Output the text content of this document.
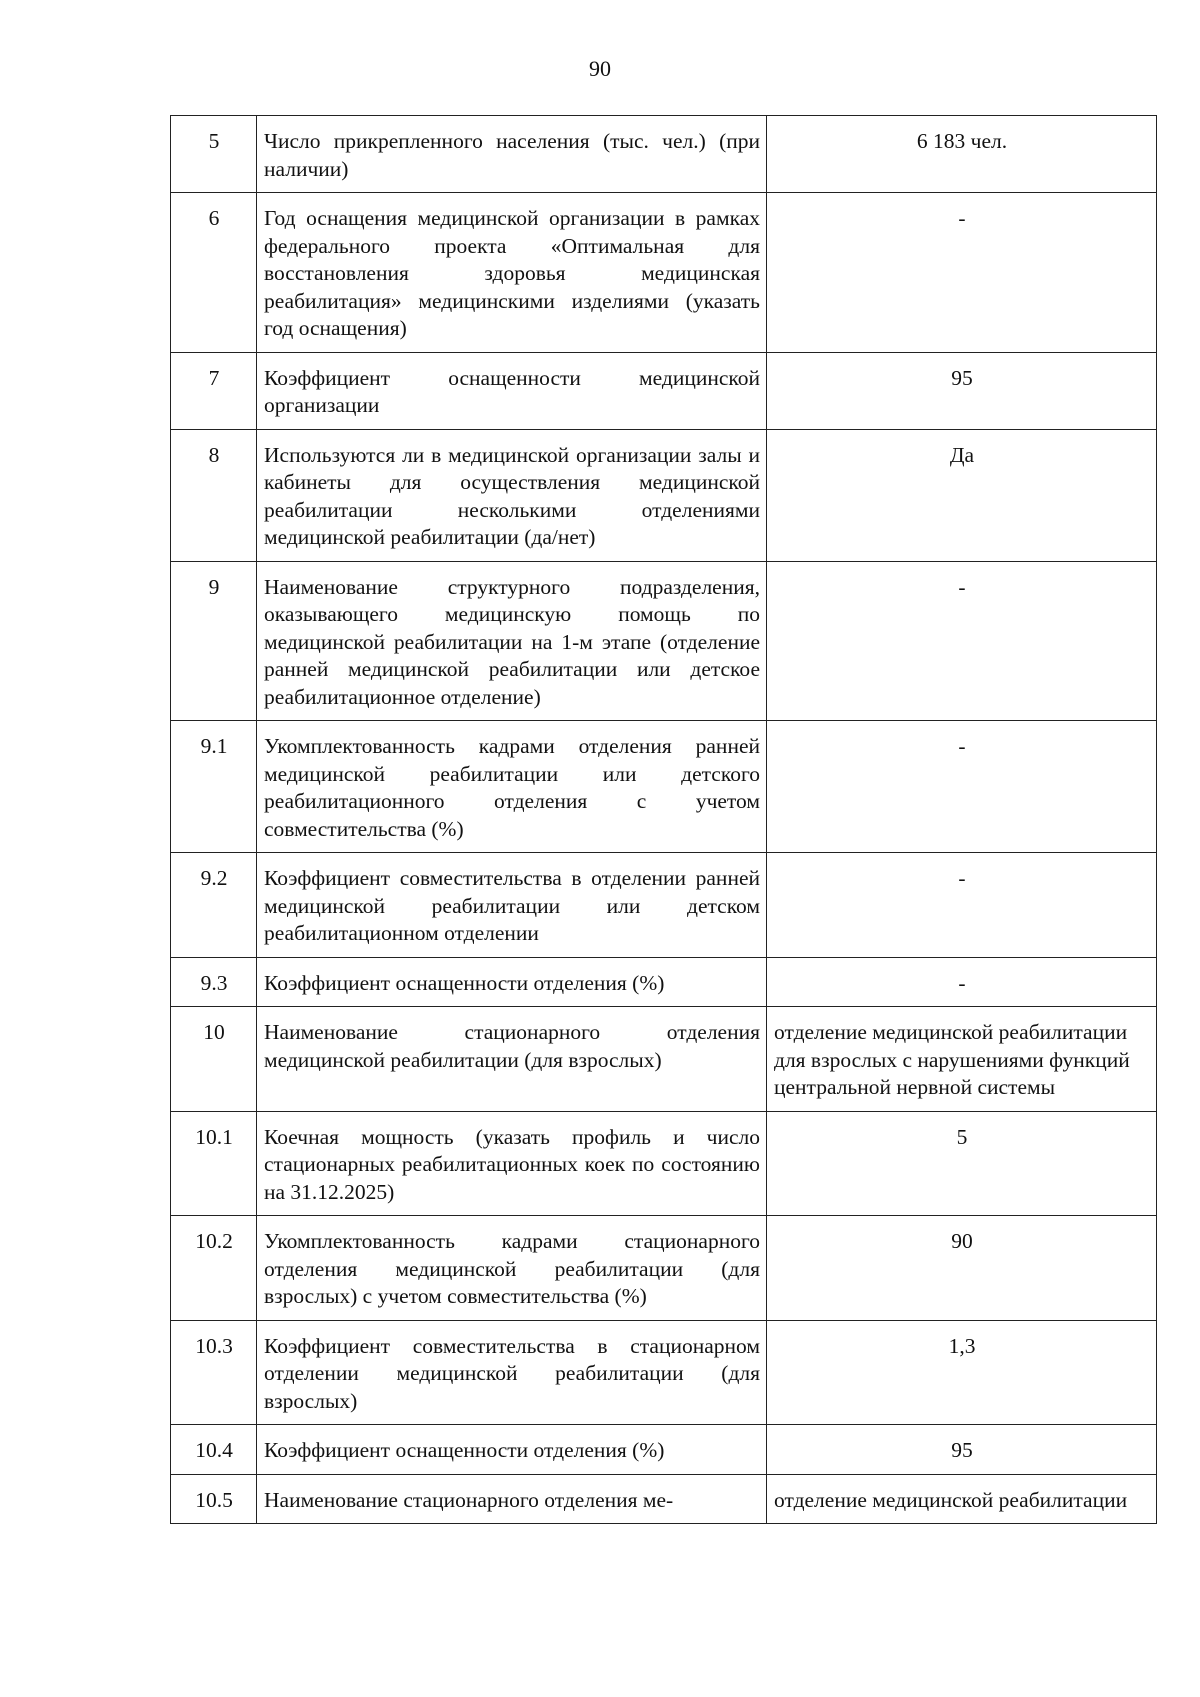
90
5	Число прикрепленного населения (тыс. чел.) (при наличии)	6 183 чел.
6	Год оснащения медицинской организации в рамках федерального проекта «Оптимальная для восстановления здоровья медицинская реабилитация» медицинскими изделиями (указать год оснащения)	-
7	Коэффициент оснащенности медицинской организации	95
8	Используются ли в медицинской организации залы и кабинеты для осуществления медицинской реабилитации несколькими отделениями медицинской реабилитации (да/нет)	Да
9	Наименование структурного подразделения, оказывающего медицинскую помощь по медицинской реабилитации на 1-м этапе (отделение ранней медицинской реабилитации или детское реабилитационное отделение)	-
9.1	Укомплектованность кадрами отделения ранней медицинской реабилитации или детского реабилитационного отделения с учетом совместительства (%)	-
9.2	Коэффициент совместительства в отделении ранней медицинской реабилитации или детском реабилитационном отделении	-
9.3	Коэффициент оснащенности отделения (%)	-
10	Наименование стационарного отделения медицинской реабилитации (для взрослых)	отделение медицинской реабилитации для взрослых с нарушениями функций центральной нервной системы
10.1	Коечная мощность (указать профиль и число стационарных реабилитационных коек по состоянию на 31.12.2025)	5
10.2	Укомплектованность кадрами стационарного отделения медицинской реабилитации (для взрослых) с учетом совместительства (%)	90
10.3	Коэффициент совместительства в стационарном отделении медицинской реабилитации (для взрослых)	1,3
10.4	Коэффициент оснащенности отделения (%)	95
10.5	Наименование стационарного отделения ме-	отделение медицинской реабилитации
